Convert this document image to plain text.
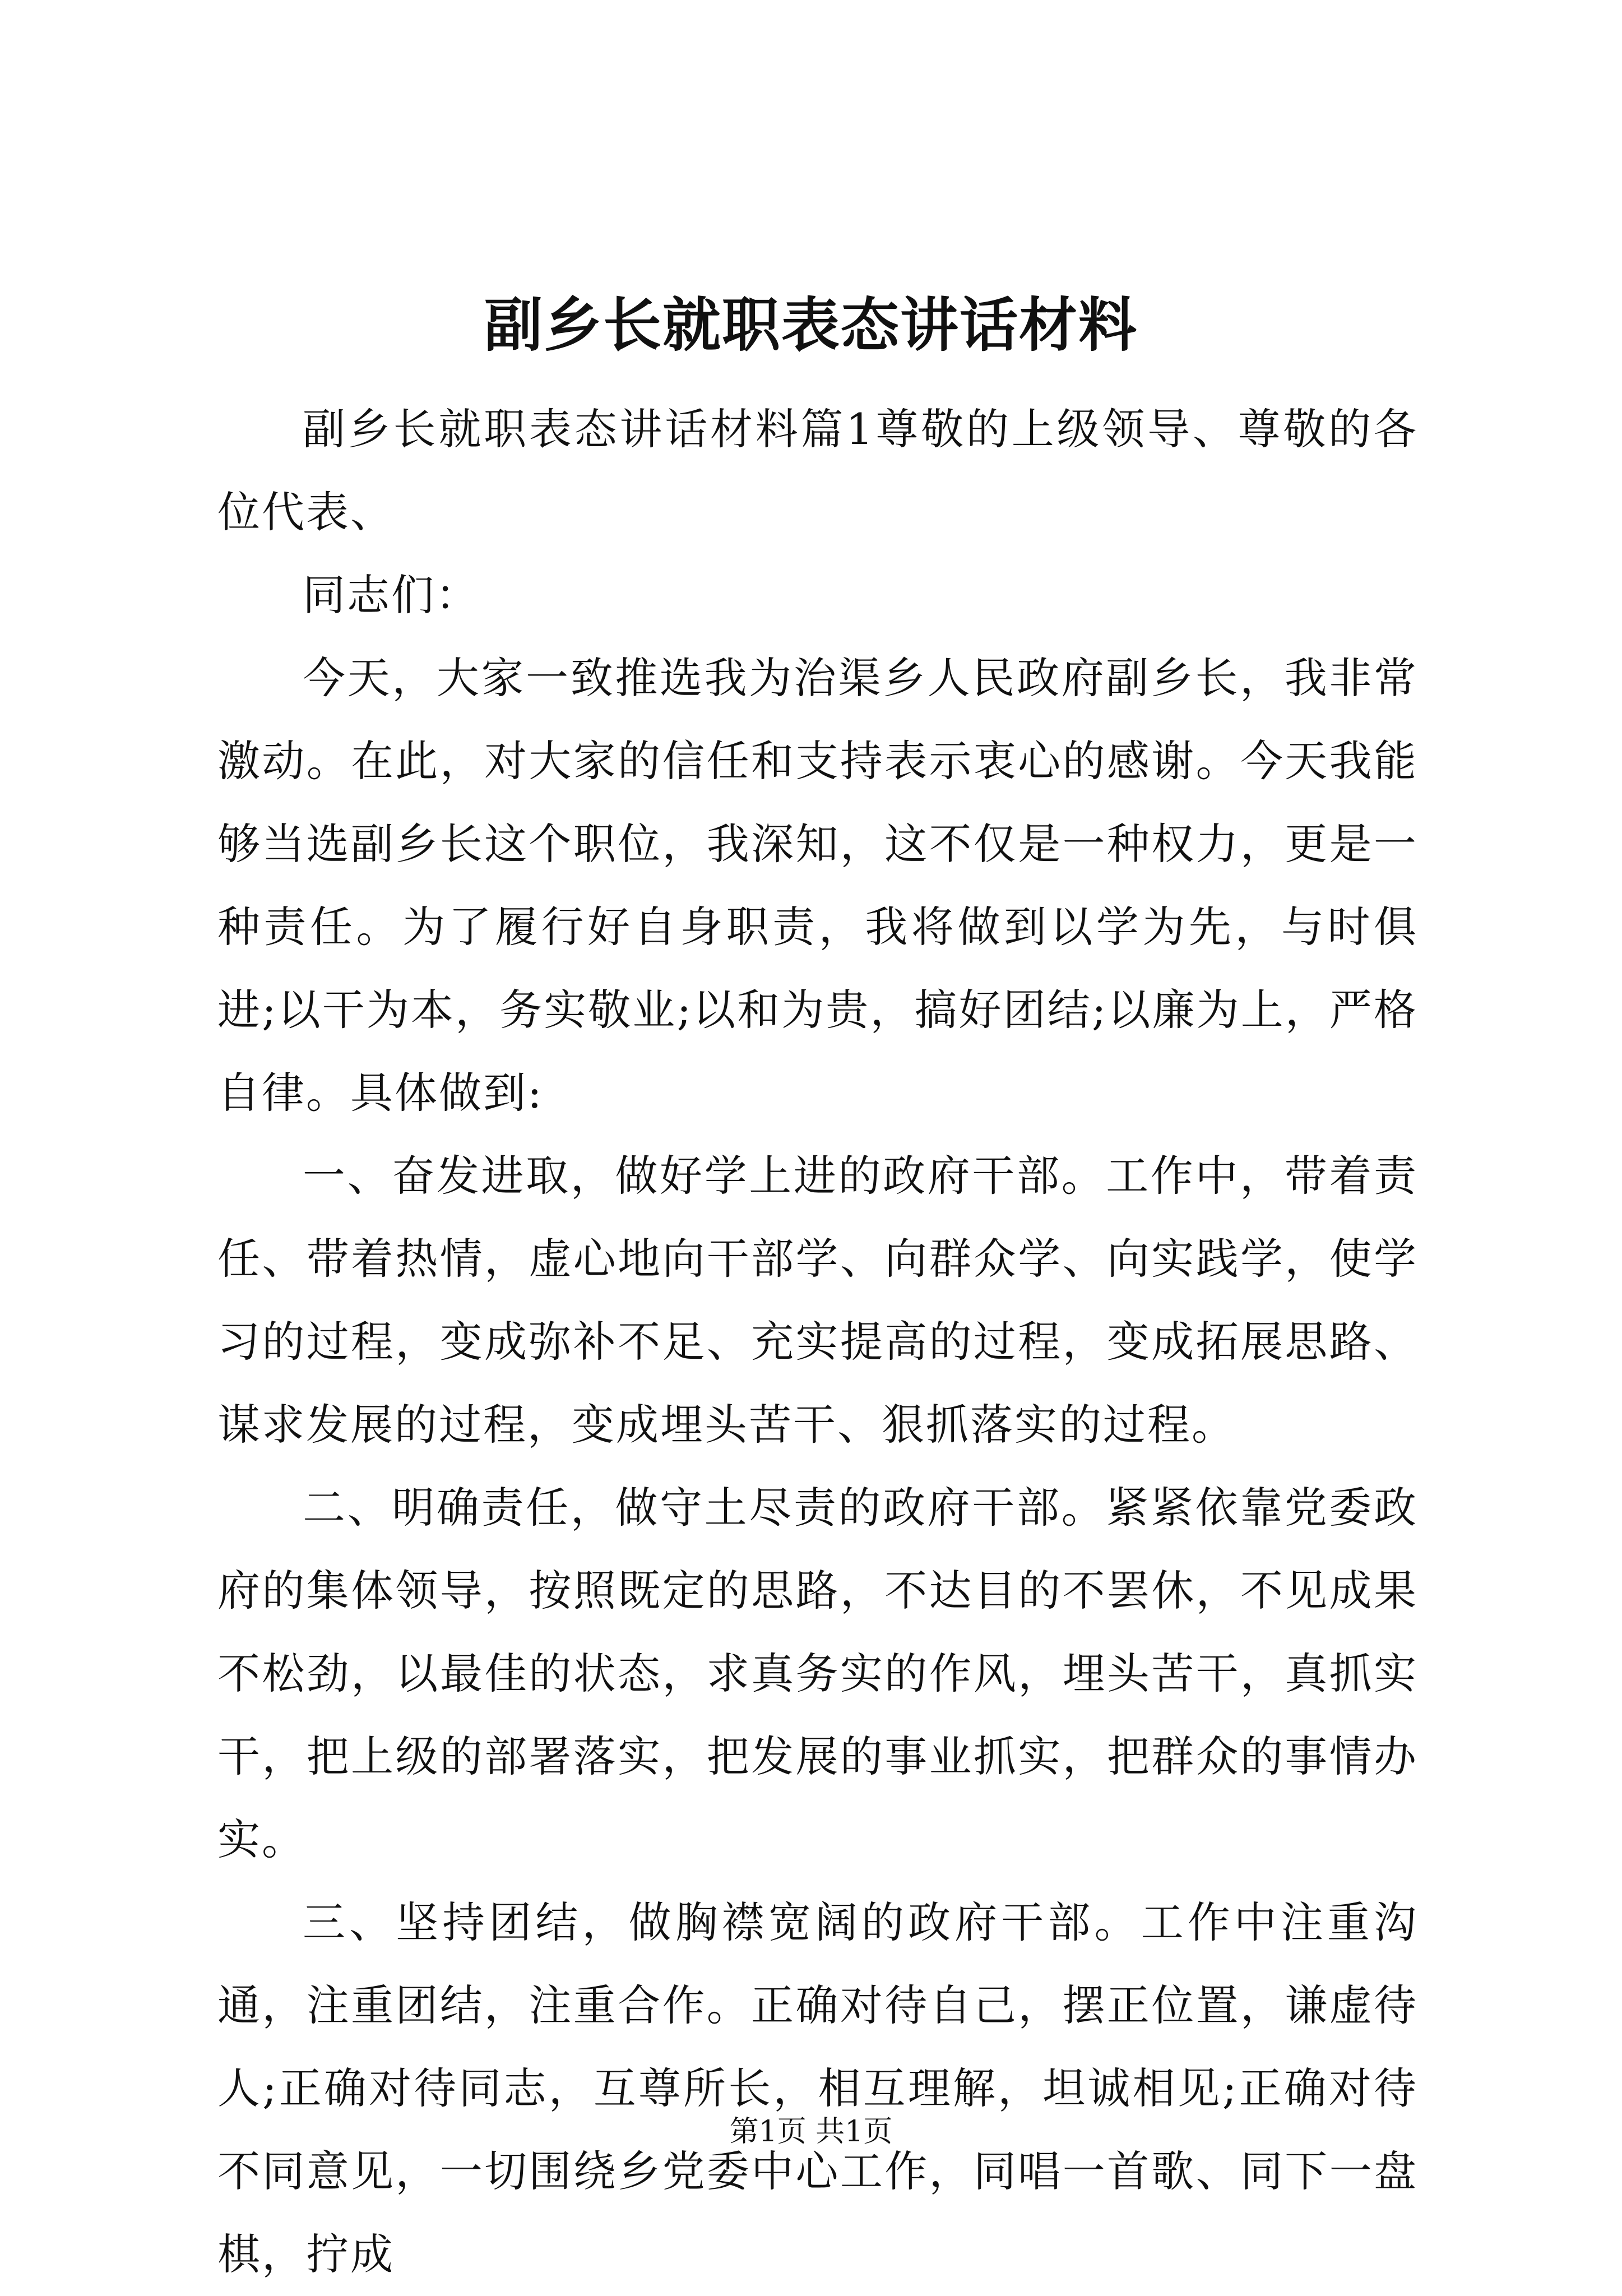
副乡长就职表态讲话材料

副乡长就职表态讲话材料篇1尊敬的上级领导、尊敬的各位代表、

同志们：

今天，大家一致推选我为治渠乡人民政府副乡长，我非常激动。在此，对大家的信任和支持表示衷心的感谢。今天我能够当选副乡长这个职位，我深知，这不仅是一种权力，更是一种责任。为了履行好自身职责，我将做到以学为先，与时俱进;以干为本，务实敬业;以和为贵，搞好团结;以廉为上，严格自律。具体做到:

一、奋发进取，做好学上进的政府干部。工作中，带着责任、带着热情，虚心地向干部学、向群众学、向实践学，使学习的过程，变成弥补不足、充实提高的过程，变成拓展思路、谋求发展的过程，变成埋头苦干、狠抓落实的过程。

二、明确责任，做守土尽责的政府干部。紧紧依靠党委政府的集体领导，按照既定的思路，不达目的不罢休，不见成果不松劲，以最佳的状态，求真务实的作风，埋头苦干，真抓实干，把上级的部署落实，把发展的事业抓实，把群众的事情办实。

三、坚持团结，做胸襟宽阔的政府干部。工作中注重沟通，注重团结，注重合作。正确对待自己，摆正位置，谦虚待人;正确对待同志，互尊所长，相互理解，坦诚相见;正确对待不同意见，一切围绕乡党委中心工作，同唱一首歌、同下一盘棋，拧成

第1页 共1页
